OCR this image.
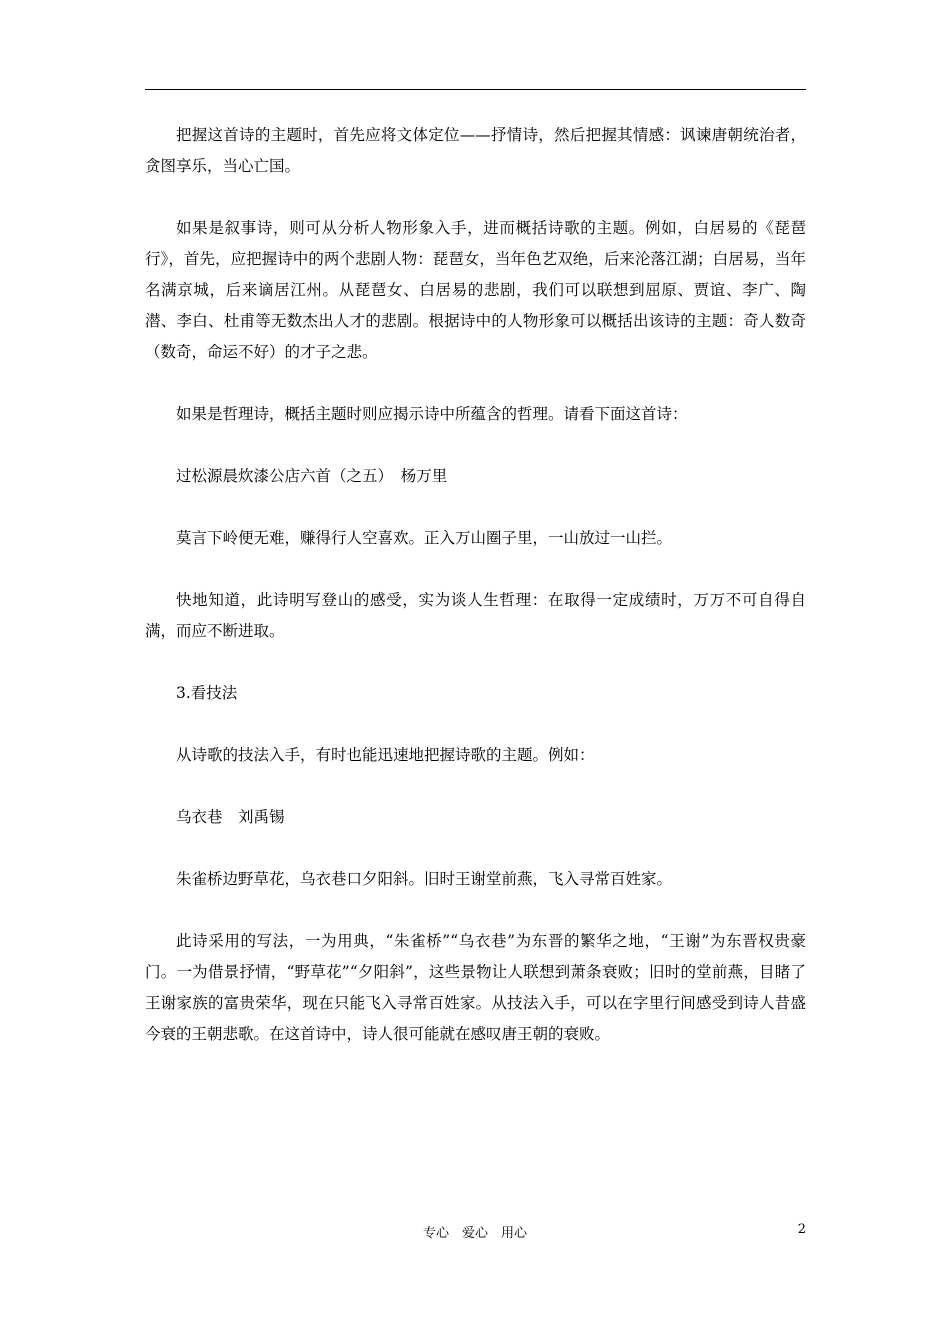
把握这首诗的主题时，首先应将文体定位——抒情诗，然后把握其情感：讽谏唐朝统治者，贪图享乐，当心亡国。

如果是叙事诗，则可从分析人物形象入手，进而概括诗歌的主题。例如，白居易的《琵琶行》，首先，应把握诗中的两个悲剧人物：琵琶女，当年色艺双绝，后来沦落江湖；白居易，当年名满京城，后来谪居江州。从琵琶女、白居易的悲剧，我们可以联想到屈原、贾谊、李广、陶潜、李白、杜甫等无数杰出人才的悲剧。根据诗中的人物形象可以概括出该诗的主题：奇人数奇（数奇，命运不好）的才子之悲。

如果是哲理诗，概括主题时则应揭示诗中所蕴含的哲理。请看下面这首诗：

过松源晨炊漆公店六首（之五）　杨万里

莫言下岭便无难，赚得行人空喜欢。正入万山圈子里，一山放过一山拦。

快地知道，此诗明写登山的感受，实为谈人生哲理：在取得一定成绩时，万万不可自得自满，而应不断进取。

3.看技法

从诗歌的技法入手，有时也能迅速地把握诗歌的主题。例如：

乌衣巷　刘禹锡

朱雀桥边野草花，乌衣巷口夕阳斜。旧时王谢堂前燕，飞入寻常百姓家。

此诗采用的写法，一为用典，“朱雀桥”“乌衣巷”为东晋的繁华之地，“王谢”为东晋权贵豪门。一为借景抒情，“野草花”“夕阳斜”，这些景物让人联想到萧条衰败；旧时的堂前燕，目睹了王谢家族的富贵荣华，现在只能飞入寻常百姓家。从技法入手，可以在字里行间感受到诗人昔盛今衰的王朝悲歌。在这首诗中，诗人很可能就在感叹唐王朝的衰败。

专心　爱心　用心	2
